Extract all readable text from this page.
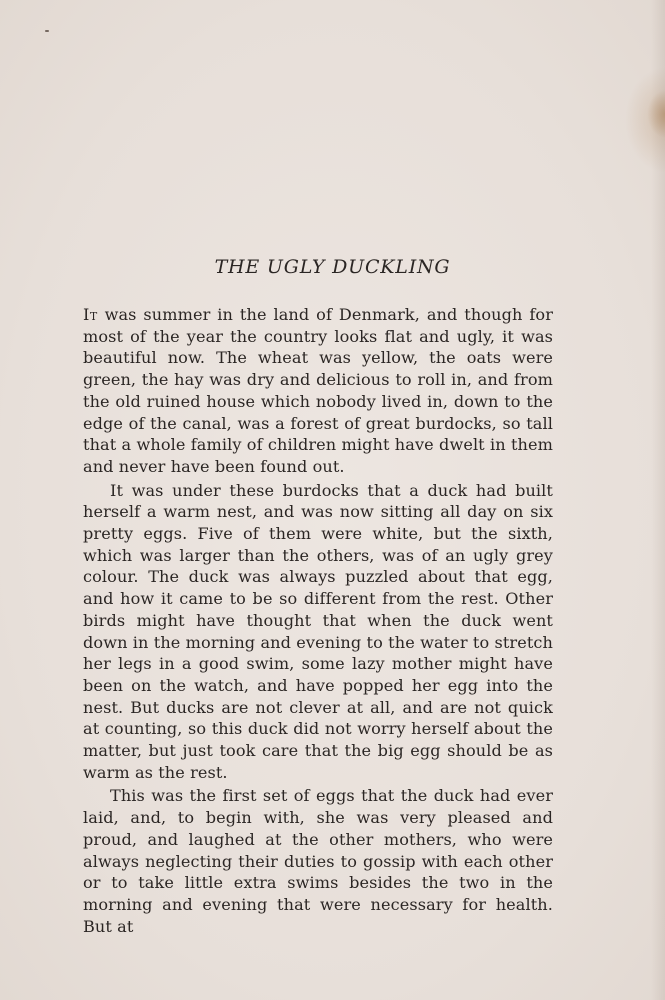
THE UGLY DUCKLING

It was summer in the land of Denmark, and though for most of the year the country looks flat and ugly, it was beautiful now. The wheat was yellow, the oats were green, the hay was dry and delicious to roll in, and from the old ruined house which nobody lived in, down to the edge of the canal, was a forest of great burdocks, so tall that a whole family of children might have dwelt in them and never have been found out.

It was under these burdocks that a duck had built herself a warm nest, and was now sitting all day on six pretty eggs. Five of them were white, but the sixth, which was larger than the others, was of an ugly grey colour. The duck was always puzzled about that egg, and how it came to be so different from the rest. Other birds might have thought that when the duck went down in the morning and evening to the water to stretch her legs in a good swim, some lazy mother might have been on the watch, and have popped her egg into the nest. But ducks are not clever at all, and are not quick at counting, so this duck did not worry herself about the matter, but just took care that the big egg should be as warm as the rest.

This was the first set of eggs that the duck had ever laid, and, to begin with, she was very pleased and proud, and laughed at the other mothers, who were always neglecting their duties to gossip with each other or to take little extra swims besides the two in the morning and evening that were necessary for health. But at
